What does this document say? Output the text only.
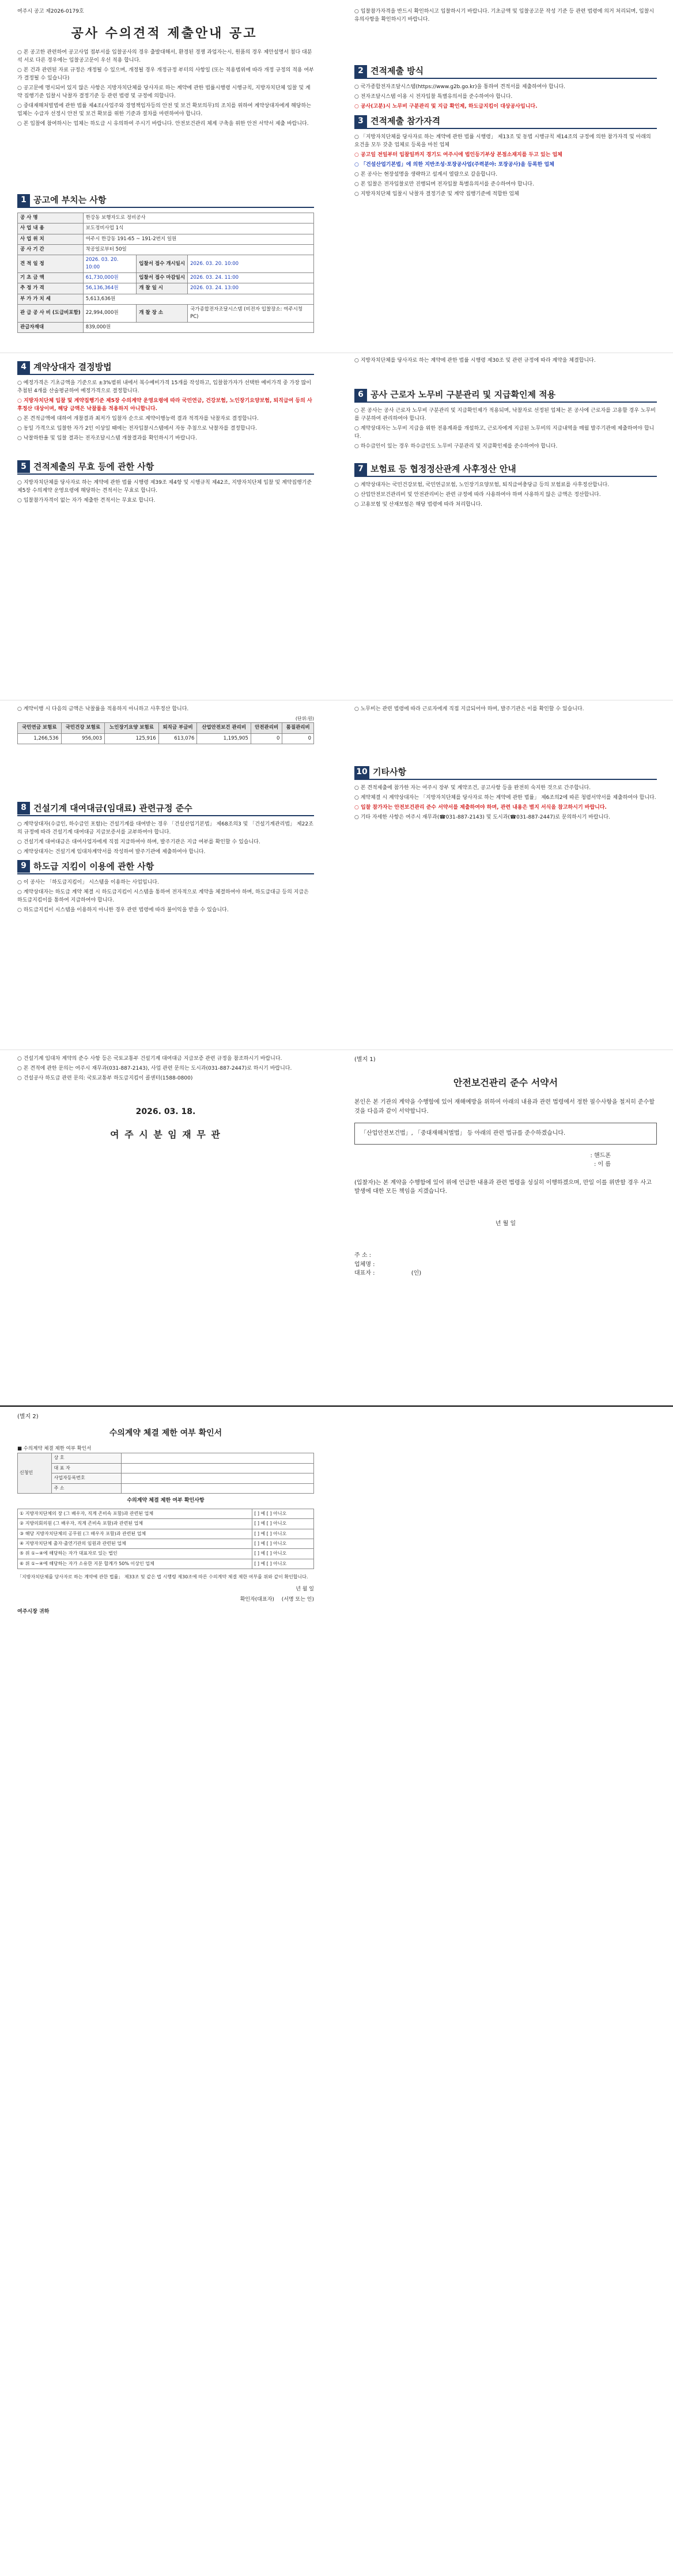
여주시 공고 제2026-0179호
공사 수의견적 제출안내 공고

○ 본 공고한 관련하여 공고사업 접부서를 입찰공사의 경우 출발대해서, 환경된 경쟁 과업자는시, 원품의 경우 제안설명서 첨다 대분석 서로 다른 경우에는 입찰공고문이 우선 적용 합니다.

○ 본 건과 관련된 자료 규정은 개정될 수 있으며, 개정될 경우 개정규정 부터의 사항일 (또는 적용범위에 따라 개정 규정의 적용 여부가 결정될 수 있습니다)

○ 공고문에 명시되어 있지 않은 사항은 지방자치단체를 당사자로 하는 계약에 관한 법률시행령 시행규칙, 지방자치단체 입찰 및 계약 집행기준 입찰시 낙찰자 결정기준 등 관련 법령 및 규정에 의합니다.

○ 중대재해처벌법에 관한 법률 제4조(사업주와 경영책임자등의 안전 및 보건 확보의무)의 조치를 위하여 계약상대자에게 해당하는 업체는 수급자 선정시 안전 및 보건 확보를 위한 기준과 절차를 마련하여야 합니다.

○ 본 입찰에 참여하시는 업체는 하도급 시 유의하여 주시기 바랍니다. 안전보건관리 체계 구축을 위한 안전 서약서 제출 바랍니다.

1 공고에 부치는 사항
공 사 명	한강동 보행자도로 정비공사		
사 업 내 용	보도정비사업 1식		
사 업 위 치	여주시 한강동 191-65 ~ 191-2번지 일원		
공 사 기 간	착공일로부터 50일		
견 적 일 정	2026. 03. 20. 10:00	입찰서 접수 개시일시	2026. 03. 20. 10:00
기 초 금 액	61,730,000원	입찰서 접수 마감일시	2026. 03. 24. 11:00
추 정 가 격	56,136,364원	개 찰 일 시	2026. 03. 24. 13:00
부 가 가 치 세	5,613,636원		
관 급 공 사 비 (도급비포함)	22,994,000원	개 찰 장 소	국가종합전자조달시스템 (비전자 입찰장소: 여주시청 PC)
관급자재대	839,000원		

○ 입찰참가자격을 반드시 확인하시고 입찰하시기 바랍니다. 기초금액 및 입찰공고문 작성 기준 등 관련 법령에 의거 처리되며, 입찰시 유의사항을 확인하시기 바랍니다.

2 견적제출 방식

○ 국가종합전자조달시스템(https://www.g2b.go.kr)을 통하여 견적서를 제출하여야 합니다.

○ 전자조달시스템 이용 시 전자입찰 특별유의서를 준수하여야 합니다.

○ 공사(고분)시 노무비 구분관리 및 지급 확인제, 하도급지킴이 대상공사입니다.

3 견적제출 참가자격

○ 「지방자치단체를 당사자로 하는 계약에 관한 법률 시행령」 제13조 및 동법 시행규칙 제14조의 규정에 의한 참가자격 및 아래의 요건을 모두 갖춘 업체로 등록을 마친 업체

○ 공고일 전일부터 입찰일까지 경기도 여주시에 법인등기부상 본점소재지를 두고 있는 업체

○ 「건설산업기본법」에 의한 지반조성·포장공사업(주력분야: 포장공사)을 등록한 업체

○ 본 공사는 현장설명을 생략하고 설계서 열람으로 갈음합니다.

○ 본 입찰은 전자입찰로만 진행되며 전자입찰 특별유의서를 준수하여야 합니다.

○ 지방자치단체 입찰시 낙찰자 결정기준 및 계약 집행기준에 적합한 업체

4 계약상대자 결정방법

○ 예정가격은 기초금액을 기준으로 ±3%범위 내에서 복수예비가격 15개를 작성하고, 입찰참가자가 선택한 예비가격 중 가장 많이 추첨된 4개를 산술평균하여 예정가격으로 결정합니다.

○ 지방자치단체 입찰 및 계약집행기준 제5장 수의계약 운영요령에 따라 국민연금, 건강보험, 노인장기요양보험, 퇴직급여 등의 사후정산 대상이며, 해당 금액은 낙찰률을 적용하지 아니합니다.

○ 본 견적금액에 대하여 개찰결과 최저가 입찰자 순으로 계약이행능력 결과 적격자를 낙찰자로 결정합니다.

○ 동일 가격으로 입찰한 자가 2인 이상일 때에는 전자입찰시스템에서 자동 추첨으로 낙찰자를 결정합니다.

○ 낙찰하한율 및 입찰 결과는 전자조달시스템 개찰결과를 확인하시기 바랍니다.

5 견적제출의 무효 등에 관한 사항

○ 지방자치단체를 당사자로 하는 계약에 관한 법률 시행령 제39조 제4항 및 시행규칙 제42조, 지방자치단체 입찰 및 계약집행기준 제5장 수의계약 운영요령에 해당하는 견적서는 무효로 합니다.

○ 입찰참가자격이 없는 자가 제출한 견적서는 무효로 합니다.

○ 지방자치단체를 당사자로 하는 계약에 관한 법률 시행령 제30조 및 관련 규정에 따라 계약을 체결합니다.

6 공사 근로자 노무비 구분관리 및 지급확인제 적용

○ 본 공사는 공사 근로자 노무비 구분관리 및 지급확인제가 적용되며, 낙찰자로 선정된 업체는 본 공사에 근로자를 고용할 경우 노무비를 구분하여 관리하여야 합니다.

○ 계약상대자는 노무비 지급을 위한 전용계좌를 개설하고, 근로자에게 지급된 노무비의 지급내역을 매월 발주기관에 제출하여야 합니다.

○ 하수급인이 있는 경우 하수급인도 노무비 구분관리 및 지급확인제를 준수하여야 합니다.

7 보험료 등 협정정산관계 사후정산 안내

○ 계약상대자는 국민건강보험, 국민연금보험, 노인장기요양보험, 퇴직급여충당금 등의 보험료를 사후정산합니다.

○ 산업안전보건관리비 및 안전관리비는 관련 규정에 따라 사용하여야 하며 사용하지 않은 금액은 정산합니다.

○ 고용보험 및 산재보험은 해당 법령에 따라 처리합니다.

○ 계약이행 시 다음의 금액은 낙찰률을 적용하지 아니하고 사후정산 합니다.

(단위:원)
국민연금 보험료	국민건강 보험료	노인장기요양 보험료	퇴직금 부금비	산업안전보건 관리비	안전관리비	품질관리비
1,266,536	956,003	125,916	613,076	1,195,905	0	0
8 건설기계 대여대금(임대료) 관련규정 준수

○ 계약상대자(수급인, 하수급인 포함)는 건설기계를 대여받는 경우 「건설산업기본법」 제68조의3 및 「건설기계관리법」 제22조의 규정에 따라 건설기계 대여대금 지급보증서를 교부하여야 합니다.

○ 건설기계 대여대금은 대여사업자에게 직접 지급하여야 하며, 발주기관은 지급 여부를 확인할 수 있습니다.

○ 계약상대자는 건설기계 임대차계약서를 작성하여 발주기관에 제출하여야 합니다.

9 하도급 지킴이 이용에 관한 사항

○ 이 공사는 「하도급지킴이」 시스템을 이용하는 사업입니다.

○ 계약상대자는 하도급 계약 체결 시 하도급지킴이 시스템을 통하여 전자적으로 계약을 체결하여야 하며, 하도급대금 등의 지급은 하도급지킴이를 통하여 지급하여야 합니다.

○ 하도급지킴이 시스템을 이용하지 아니한 경우 관련 법령에 따라 불이익을 받을 수 있습니다.

○ 노무비는 관련 법령에 따라 근로자에게 직접 지급되어야 하며, 발주기관은 이를 확인할 수 있습니다.

10 기타사항

○ 본 견적제출에 참가한 자는 여주시 장부 및 계약조건, 공고사항 등을 완전히 숙지한 것으로 간주합니다.

○ 계약체결 시 계약상대자는 「지방자치단체를 당사자로 하는 계약에 관한 법률」 제6조의2에 따른 청렴서약서를 제출하여야 합니다.

○ 입찰 참가자는 안전보건관리 준수 서약서를 제출하여야 하며, 관련 내용은 별지 서식을 참고하시기 바랍니다.

○ 기타 자세한 사항은 여주시 재무과(☎031-887-2143) 및 도시과(☎031-887-2447)로 문의하시기 바랍니다.

○ 건설기계 임대차 계약의 준수 사항 등은 국토교통부 건설기계 대여대금 지급보증 관련 규정을 참조하시기 바랍니다.

○ 본 견적에 관한 문의는 여주시 재무과(031-887-2143), 사업 관련 문의는 도시과(031-887-2447)로 하시기 바랍니다.

○ 건설공사 하도급 관련 문의: 국토교통부 하도급지킴이 콜센터(1588-0800)

2026. 03. 18.
여 주 시 분 임 재 무 관
(별지 1)
안전보건관리 준수 서약서

본인은 본 기관의 계약을 수행함에 있어 재해예방을 위하여 아래의 내용과 관련 법령에서 정한 필수사항을 철저히 준수할 것을 다음과 같이 서약합니다.

「산업안전보건법」, 「중대재해처벌법」 등 아래의 관련 법규를 준수하겠습니다.
: 핸드폰
: 이 름

(입찰자)는 본 계약을 수행함에 있어 위에 언급한 내용과 관련 법령을 성실히 이행하겠으며, 만일 이를 위반할 경우 사고 발생에 대한 모든 책임을 지겠습니다.

년 월 일
주 소 :
업체명 :
대표자 :	(인)
(별지 2)
수의계약 체결 제한 여부 확인서
■ 수의계약 체결 제한 여부 확인서
신청인	상 호	
	대 표 자	
	사업자등록번호	
	주 소	
수의계약 체결 제한 여부 확인사항
① 지방자치단체의 장 (그 배우자, 직계 존비속 포함)과 관련된 업체	[ ] 예 [ ] 아니오
② 지방의회의원 (그 배우자, 직계 존비속 포함)과 관련된 업체	[ ] 예 [ ] 아니오
③ 해당 지방자치단체의 공무원 (그 배우자 포함)과 관련된 업체	[ ] 예 [ ] 아니오
④ 지방자치단체 출자·출연기관의 임원과 관련된 업체	[ ] 예 [ ] 아니오
⑤ 위 ①~④에 해당하는 자가 대표자로 있는 법인	[ ] 예 [ ] 아니오
⑥ 위 ①~④에 해당하는 자가 소유한 지분 합계가 50% 이상인 업체	[ ] 예 [ ] 아니오

「지방자치단체를 당사자로 하는 계약에 관한 법률」 제33조 및 같은 법 시행령 제30조에 따른 수의계약 체결 제한 여부를 위와 같이 확인합니다.

년 월 일
확인자(대표자) (서명 또는 인)
여주시장 귀하
